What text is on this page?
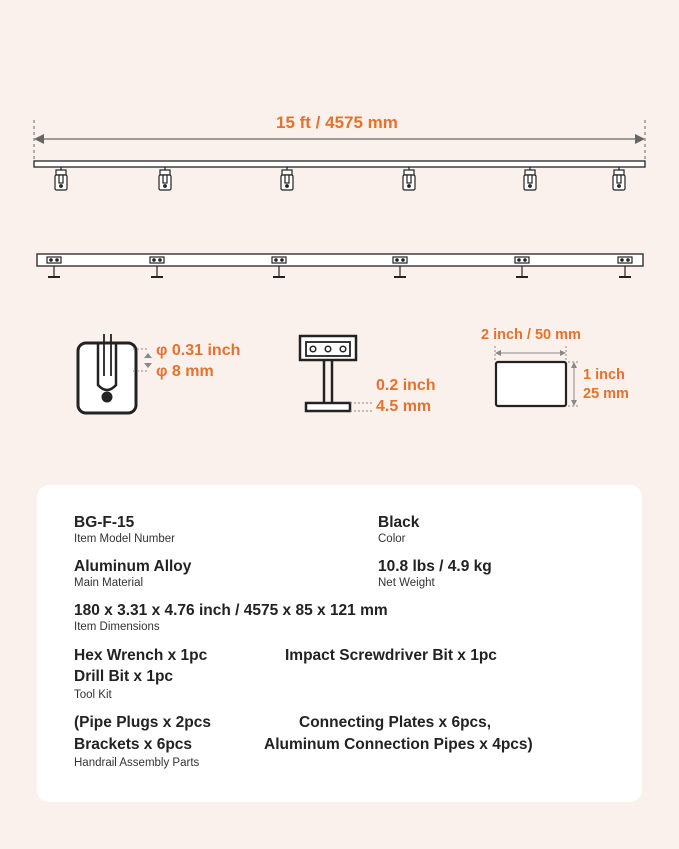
15 ft / 4575 mm
φ 0.31 inch
φ 8 mm
0.2 inch
4.5 mm
2 inch / 50 mm
1 inch
25 mm
BG-F-15
Item Model Number
Black
Color
Aluminum Alloy
Main Material
10.8 lbs / 4.9 kg
Net Weight
180 x 3.31 x 4.76 inch / 4575 x 85 x 121 mm
Item Dimensions
Hex Wrench x 1pc	Impact Screwdriver Bit x 1pc
Drill Bit x 1pc
Tool Kit
(Pipe Plugs x 2pcs	Connecting Plates x 6pcs,
Brackets x 6pcs	Aluminum Connection Pipes x 4pcs)
Handrail Assembly Parts
